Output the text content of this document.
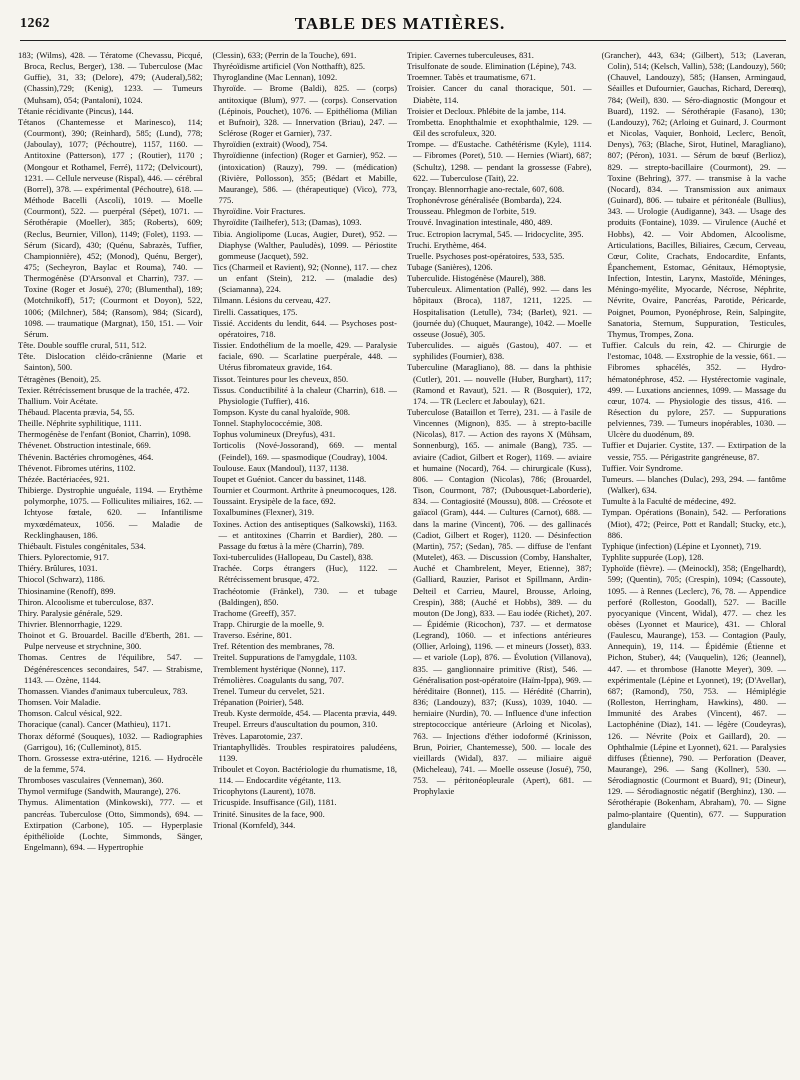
1262	TABLE DES MATIÈRES.

183; (Wilms), 428. — Tératome (Chevassu, Picqué, Broca, Reclus, Berger), 138. — Tuberculose (Mac Guffie), 31, 33; (Delore), 479; (Auderal),582;(Chassin),729; (Kenig), 1233. — Tumeurs (Muhsam), 054; (Pantaloni), 1024.

Tétanie récidivante (Pincus), 144.

Tétanos (Chantemesse et Marinesco), 114; (Courmont), 390; (Reinhard), 585; (Lund), 778; (Jaboulay), 1077; (Péchoutre), 1157, 1160. — Antitoxine (Patterson), 177 ; (Routier), 1170 ; (Mongour et Rothamel, Ferré), 1172; (Delvicourt), 1231. — Cellule nerveuse (Rispal), 446. — cérébral (Borrel), 378. — expérimental (Péchoutre), 618. — Méthode Bacelli (Ascoli), 1019. — Moelle (Courmont), 522. — puerpéral (Sépet), 1071. — Sérothérapie (Moeller), 385; (Roberts), 609; (Reclus, Beurnier, Villon), 1149; (Folet), 1193. — Sérum (Sicard), 430; (Quénu, Sabrazès, Tuffier, Championnière), 452; (Monod), Quénu, Berger), 475; (Secheyron, Baylac et Rouma), 740. — Thermogénèse (D'Arsonval et Charrin), 737. — Toxine (Roger et Josué), 270; (Blumenthal), 189; (Motchnikoff), 517; (Courmont et Doyon), 522, 1006; (Milchner), 584; (Ransom), 984; (Sicard), 1098. — traumatique (Margnat), 150, 151. — Voir Sérum.

Tête. Double souffle crural, 511, 512.

Tête. Dislocation cléido-crânienne (Marie et Sainton), 500.

Tétragènes (Benoit), 25.

Texier. Rétrécissement brusque de la trachée, 472.

Thallium. Voir Acétate.

Thébaud. Placenta prævia, 54, 55.

Theille. Néphrite syphilitique, 1111.

Thermogénèse de l'enfant (Boniot, Charrin), 1098.

Thévenet. Obstruction intestinale, 669.

Thévenin. Bactéries chromogènes, 464.

Thévenot. Fibromes utérins, 1102.

Thézée. Bactériacées, 921.

Thibierge. Dystrophie unguéale, 1194. — Erythème polymorphe, 1075. — Folliculites miliaires, 162. — Ichtyose fœtale, 620. — Infantilisme myxœdémateux, 1056. — Maladie de Recklinghausen, 186.

Thiébault. Fistules congénitales, 534.

Thiers. Pylorectomie, 917.

Thiéry. Brûlures, 1031.

Thiocol (Schwarz), 1186.

Thiosinamine (Renoff), 899.

Thiron. Alcoolisme et tuberculose, 837.

Thiry. Paralysie générale, 529.

Thivrier. Blennorrhagie, 1229.

Thoinot et G. Brouardel. Bacille d'Eberth, 281. — Pulpe nerveuse et strychnine, 300.

Thomas. Centres de l'équilibre, 547. — Dégénérescences secondaires, 547. — Strabisme, 1143. — Ozène, 1144.

Thomassen. Viandes d'animaux tuberculeux, 783.

Thomsen. Voir Maladie.

Thomson. Calcul vésical, 922.

Thoracique (canal). Cancer (Mathieu), 1171.

Thorax déformé (Souques), 1032. — Radiographies (Garrigou), 16; (Culleminot), 815.

Thorn. Grossesse extra-utérine, 1216. — Hydrocèle de la femme, 574.

Thromboses vasculaires (Venneman), 360.

Thymol vermifuge (Sandwith, Maurange), 276.

Thymus. Alimentation (Minkowski), 777. — et pancréas. Tuberculose (Otto, Simmonds), 694. — Extirpation (Carbone), 105. — Hyperplasie épithélioïde (Lochte, Simmonds, Sänger, Engelmann), 694. — Hypertrophie

(Clessin), 633; (Perrin de la Touche), 691.

Thyréoïdisme artificiel (Von Notthafft), 825.

Thyroglandine (Mac Lennan), 1092.

Thyroïde. — Brome (Baldi), 825. — (corps) antitoxique (Blum), 977. — (corps). Conservation (Lépinois, Pouchet), 1076. — Epithélioma (Milian et Bufnoir), 328. — Innervation (Briau), 247. — Sclérose (Roger et Garnier), 737.

Thyroïdien (extrait) (Wood), 754.

Thyroïdienne (infection) (Roger et Garnier), 952. — (intoxication) (Rauzy), 799. — (médication) (Rivière, Pollosson), 355; (Bédart et Mabille, Maurange), 586. — (thérapeutique) (Vico), 773, 775.

Thyroïdine. Voir Fractures.

Thyroïdite (Tailhefer), 513; (Damas), 1093.

Tibia. Angiolipome (Lucas, Augier, Duret), 952. — Diaphyse (Walther, Pauludès), 1099. — Périostite gommeuse (Jacquet), 592.

Tics (Charmeil et Ravient), 92; (Nonne), 117. — chez un enfant (Stein), 212. — (maladie des) (Sciamanna), 224.

Tilmann. Lésions du cerveau, 427.

Tirelli. Cassatiques, 175.

Tissié. Accidents du lendit, 644. — Psychoses post-opératoires, 718.

Tissier. Endothélium de la moelle, 429. — Paralysie faciale, 690. — Scarlatine puerpérale, 448. — Utérus fibromateux gravide, 164.

Tissot. Teintures pour les cheveux, 850.

Tissus. Conductibilité à la chaleur (Charrin), 618. — Physiologie (Tuffier), 416.

Tompson. Kyste du canal hyaloïde, 908.

Tonnel. Staphylococcémie, 308.

Tophus volumineux (Dreyfus), 431.

Torticolis (Nové-Jossorand), 669. — mental (Feindel), 169. — spasmodique (Coudray), 1004.

Toulouse. Eaux (Mandoul), 1137, 1138.

Toupet et Guéniot. Cancer du bassinet, 1148.

Tournier et Courmont. Arthrite à pneumocoques, 128.

Toussaint. Erysipèle de la face, 692.

Toxalbumines (Flexner), 319.

Toxines. Action des antiseptiques (Salkowski), 1163. — et antitoxines (Charrin et Bardier), 280. — Passage du fœtus à la mère (Charrin), 789.

Toxi-tuberculides (Hallopeau, Du Castel), 838.

Trachée. Corps étrangers (Huc), 1122. — Rétrécissement brusque, 472.

Trachéotomie (Fränkel), 730. — et tubage (Baldingen), 850.

Trachome (Greeff), 357.

Trapp. Chirurgie de la moelle, 9.

Traverso. Esérine, 801.

Tref. Rétention des membranes, 78.

Treitel. Suppurations de l'amygdale, 1103.

Tremblement hystérique (Nonne), 117.

Trémolières. Coagulants du sang, 707.

Trenel. Tumeur du cervelet, 521.

Trépanation (Poirier), 548.

Treub. Kyste dermoïde, 454. — Placenta prævia, 449.

Treupel. Erreurs d'auscultation du poumon, 310.

Trèves. Laparotomie, 237.

Triantaphyllidès. Troubles respiratoires paludéens, 1139.

Triboulet et Coyon. Bactériologie du rhumatisme, 18, 114. — Endocardite végétante, 113.

Tricophytons (Laurent), 1078.

Tricuspide. Insuffisance (Gil), 1181.

Trinité. Sinusites de la face, 900.

Trional (Kornfeld), 344.

Tripier. Cavernes tuberculeuses, 831.

Trisulfonate de soude. Elimination (Lépine), 743.

Troemner. Tabès et traumatisme, 671.

Troisier. Cancer du canal thoracique, 501. — Diabète, 114.

Troisier et Decloux. Phlébite de la jambe, 114.

Trombetta. Enophthalmie et exophthalmie, 129. — Œil des scrofuleux, 320.

Trompe. — d'Eustache. Cathétérisme (Kyle), 1114. — Fibromes (Poret), 510. — Hernies (Wiart), 687; (Schultz), 1298. — pendant la grossesse (Fabre), 622. — Tuberculose (Tait), 22.

Tronçay. Blennorrhagie ano-rectale, 607, 608.

Trophonévrose généralisée (Bombarda), 224.

Trousseau. Phlegmon de l'orbite, 519.

Trouvé. Invagination intestinale, 480, 489.

Truc. Ectropion lacrymal, 545. — Iridocyclite, 395.

Truchi. Erythème, 464.

Truelle. Psychoses post-opératoires, 533, 535.

Tubage (Sanières), 1206.

Tuberculide. Histogénèse (Maurel), 388.

Tuberculeux. Alimentation (Pallé), 992. — dans les hôpitaux (Broca), 1187, 1211, 1225. — Hospitalisation (Letulle), 734; (Barlet), 921. — (journée du) (Chuquet, Maurange), 1042. — Moelle osseuse (Josué), 305.

Tuberculides. — aiguës (Gastou), 407. — et syphilides (Fournier), 838.

Tuberculine (Maragliano), 88. — dans la phthisie (Cutler), 201. — nouvelle (Huber, Burghart), 117; (Ramond et Ravaut), 521. — R (Bosquier), 172, 174. — TR (Leclerc et Jaboulay), 621.

Tuberculose (Bataillon et Terre), 231. — à l'asile de Vincennes (Mignon), 835. — à strepto-bacille (Nicolas), 817. — Action des rayons X (Mühsam, Sonnenburg), 165. — animale (Bang), 735. — aviaire (Cadiot, Gilbert et Roger), 1169. — aviaire et humaine (Nocard), 764. — chirurgicale (Kuss), 806. — Contagion (Nicolas), 786; (Brouardel, Tison, Courmont, 787; (Dubousquet-Laborderie), 834. — Contagiosité (Moussu), 808. — Créosote et gaïacol (Gram), 444. — Cultures (Carnot), 688. — dans la marine (Vincent), 706. — des gallinacés (Cadiot, Gilbert et Roger), 1120. — Désinfection (Martin), 757; (Sedan), 785. — diffuse de l'enfant (Mutelet), 463. — Discussion (Comby, Hanshalter, Auché et Chambrelent, Meyer, Etienne), 387; (Galliard, Rauzier, Parisot et Spillmann, Ardin-Delteil et Carrieu, Maurel, Brousse, Arloing, Crespin), 388; (Auché et Hobbs), 389. — du mouton (De Jong), 833. — Eau iodée (Richet), 207. — Épidémie (Ricochon), 737. — et dermatose (Legrand), 1060. — et infections antérieures (Ollier, Arloing), 1196. — et mineurs (Josset), 833. — et variole (Lop), 876. — Évolution (Villanova), 835. — ganglionnaire primitive (Rist), 546. — Généralisation post-opératoire (Haïm-Ippa), 969. — héréditaire (Bonnet), 115. — Hérédité (Charrin), 836; (Landouzy), 837; (Kuss), 1039, 1040. — herniaire (Nurdin), 70. — Influence d'une infection streptococcique antérieure (Arloing et Nicolas), 763. — Injections d'éther iodoformé (Krinisson, Brun, Poirier, Chantemesse), 500. — locale des vieillards (Widal), 837. — miliaire aiguë (Micheleau), 741. — Moelle osseuse (Josué), 750, 753. — péritonéopleurale (Apert), 681. — Prophylaxie

(Grancher), 443, 634; (Gilbert), 513; (Laveran, Colin), 514; (Kelsch, Vallin), 538; (Landouzy), 560; (Chauvel, Landouzy), 585; (Hansen, Armingaud, Séailles et Dufournier, Gauchas, Richard, Dereœq), 784; (Weil), 830. — Séro-diagnostic (Mongour et Buard), 1192. — Sérothérapie (Fasano), 130; (Landouzy), 762; (Arloing et Guinard, J. Courmont et Nicolas, Vaquier, Bonhoid, Leclerc, Benoît, Denys), 763; (Blache, Sirot, Hutinel, Maragliano), 807; (Péron), 1031. — Sérum de bœuf (Berlioz), 829. — strepto-bacillaire (Courmont), 29. — Toxine (Behring), 377. — transmise à la vache (Nocard), 834. — Transmission aux animaux (Guinard), 806. — tubaire et péritonéale (Bullius), 343. — Urologie (Audiganne), 343. — Usage des produits (Fontaine), 1039. — Virulence (Auché et Hobbs), 42. — Voir Abdomen, Alcoolisme, Articulations, Bacilles, Biliaires, Cæcum, Cerveau, Cœur, Colite, Crachats, Endocardite, Enfants, Épanchement, Estomac, Génitaux, Hémoptysie, Infection, Intestin, Larynx, Mastoïde, Méninges, Méningo-myélite, Myocarde, Nécrose, Néphrite, Névrite, Ovaire, Pancréas, Parotide, Péricarde, Poignet, Poumon, Pyonéphrose, Rein, Salpingite, Sanatoria, Sternum, Suppuration, Testicules, Thymus, Trompes, Zona.

Tuffier. Calculs du rein, 42. — Chirurgie de l'estomac, 1048. — Exstrophie de la vessie, 661. — Fibromes sphacélés, 352. — Hydro-hématonéphrose, 452. — Hystérectomie vaginale, 499. — Luxations anciennes, 1099. — Massage du cœur, 1074. — Physiologie des tissus, 416. — Résection du pylore, 257. — Suppurations pelviennes, 739. — Tumeurs inopérables, 1030. — Ulcère du duodénum, 89.

Tuffier et Dujarier. Cystite, 137. — Extirpation de la vessie, 755. — Périgastrite gangréneuse, 87.

Tuffier. Voir Syndrome.

Tumeurs. — blanches (Dulac), 293, 294. — fantôme (Walker), 634.

Tumulte à la Faculté de médecine, 492.

Tympan. Opérations (Bonain), 542. — Perforations (Miot), 472; (Peirce, Pott et Randall; Stucky, etc.), 886.

Typhique (infection) (Lépine et Lyonnet), 719.

Typhlite suppurée (Lop), 128.

Typhoïde (fièvre). — (Meinockl), 358; (Engelhardt), 599; (Quentin), 705; (Crespin), 1094; (Cassoute), 1095. — à Rennes (Leclerc), 76, 78. — Appendice perforé (Rolleston, Goodall), 527. — Bacille pyocyanique (Vincent, Widal), 477. — chez les obèses (Lyonnet et Maurice), 431. — Chloral (Faulescu, Maurange), 153. — Contagion (Pauly, Annequin), 19, 114. — Épidémie (Étienne et Pichon, Stuber), 44; (Vauquelin), 126; (Jeannel), 447. — et thrombose (Hanotte Meyer), 309. — expérimentale (Lépine et Lyonnet), 19; (D'Avellar), 687; (Ramond), 750, 753. — Hémiplégie (Rolleston, Herringham, Hawkins), 480. — Immunité des Arabes (Vincent), 467. — Lactophénine (Diaz), 141. — légère (Coudeyras), 126. — Névrite (Poix et Gaillard), 20. — Ophthalmie (Lépine et Lyonnet), 621. — Paralysies diffuses (Étienne), 790. — Perforation (Deaver, Maurange), 296. — Sang (Kollner), 530. — Sérodiagnostic (Courmont et Buard), 91; (Dineur), 129. — Sérodiagnostic négatif (Berghinz), 130. — Sérothérapie (Bokenham, Abraham), 70. — Signe palmo-plantaire (Quentin), 677. — Suppuration glandulaire
